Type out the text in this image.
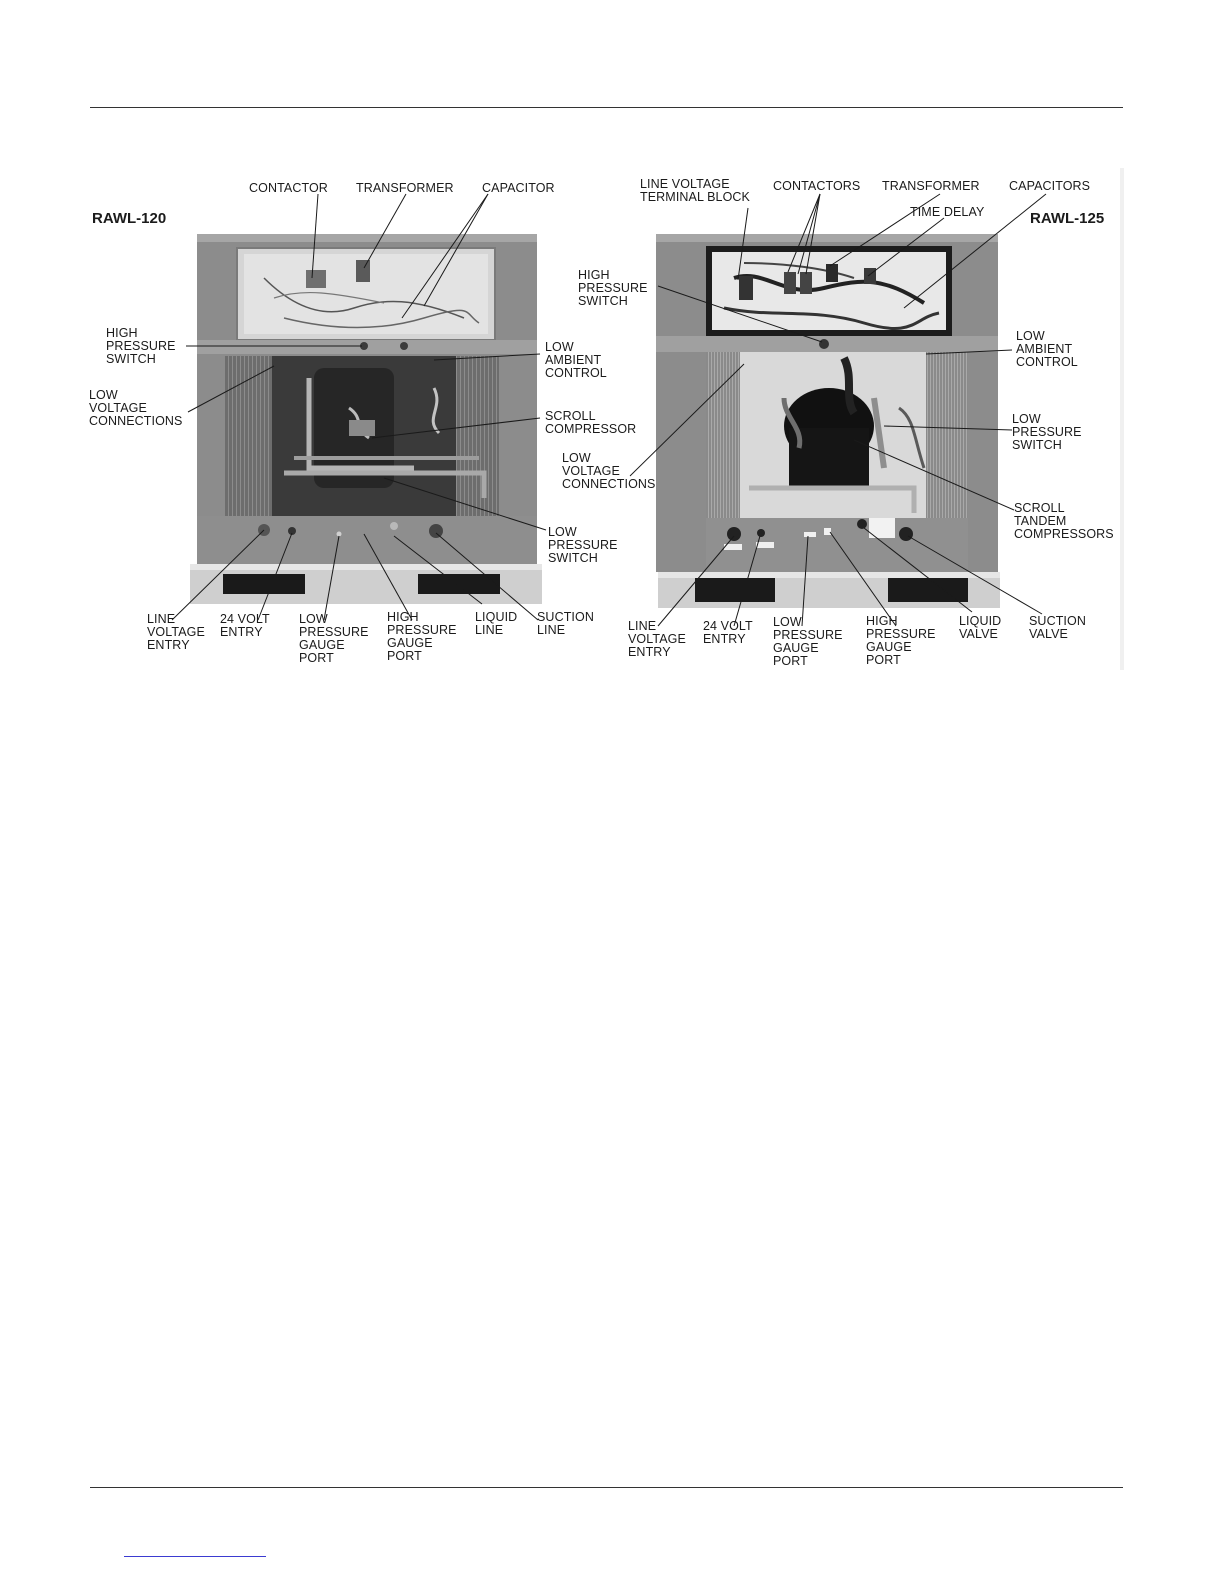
RAWL-120
CONTACTOR TRANSFORMER CAPACITOR
HIGH
PRESSURE
SWITCH
LOW
VOLTAGE
CONNECTIONS
LOW
AMBIENT
CONTROL
SCROLL
COMPRESSOR
LOW
PRESSURE
SWITCH
LINE
VOLTAGE
ENTRY
24 VOLT
ENTRY
LOW
PRESSURE
GAUGE
PORT
HIGH
PRESSURE
GAUGE
PORT
LIQUID
LINE
SUCTION
LINE
RAWL-125
LINE VOLTAGE
TERMINAL BLOCK
CONTACTORS TRANSFORMER CAPACITORS
TIME DELAY
HIGH
PRESSURE
SWITCH
LOW
AMBIENT
CONTROL
LOW
PRESSURE
SWITCH
LOW
VOLTAGE
CONNECTIONS
SCROLL
TANDEM
COMPRESSORS
LINE
VOLTAGE
ENTRY
24 VOLT
ENTRY
LOW
PRESSURE
GAUGE
PORT
HIGH
PRESSURE
GAUGE
PORT
LIQUID
VALVE
SUCTION
VALVE
